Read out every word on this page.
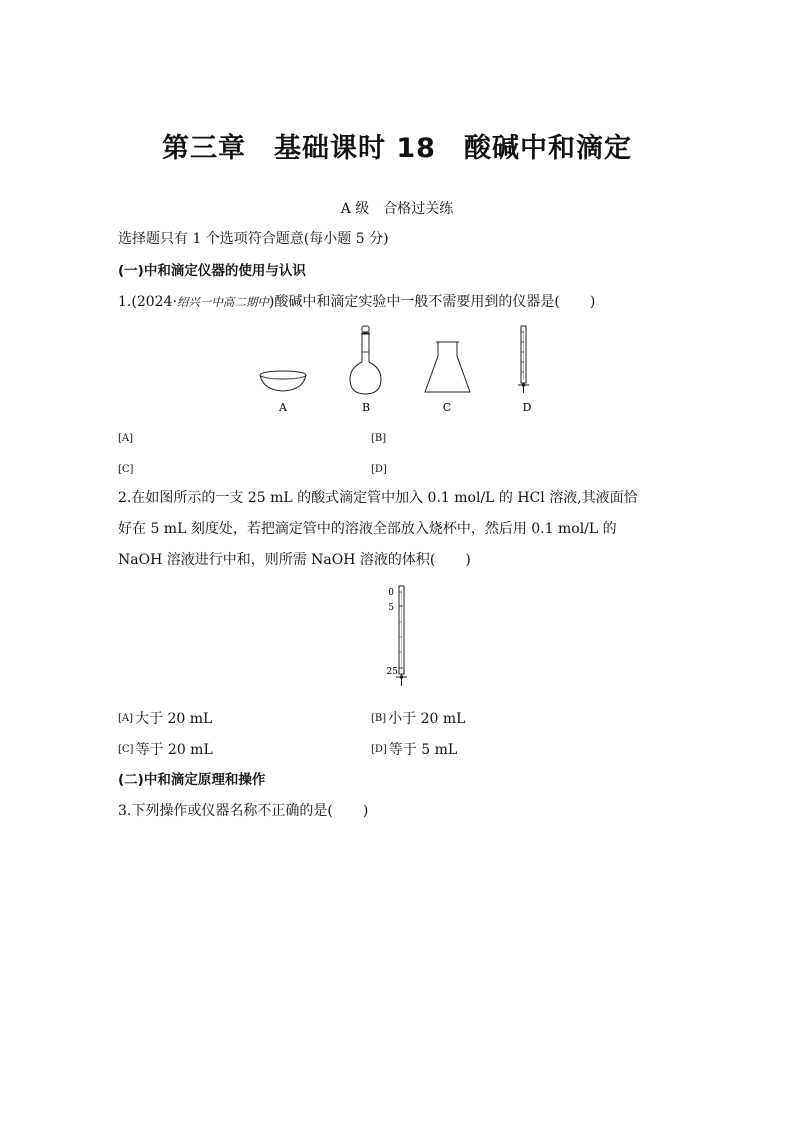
第三章　基础课时 18　酸碱中和滴定
A 级　合格过关练
选择题只有 1 个选项符合题意(每小题 5 分)
(一)中和滴定仪器的使用与认识
1.(2024·绍兴一中高二期中)酸碱中和滴定实验中一般不需要用到的仪器是( )
A	B	C	D
[A]	[B]
[C]	[D]
2.在如图所示的一支 25 mL 的酸式滴定管中加入 0.1 mol/L 的 HCl 溶液,其液面恰
好在 5 mL 刻度处，若把滴定管中的溶液全部放入烧杯中，然后用 0.1 mol/L 的
NaOH 溶液进行中和，则所需 NaOH 溶液的体积( )
0
5
25
[A] 大于 20 mL	[B] 小于 20 mL
[C] 等于 20 mL	[D] 等于 5 mL
(二)中和滴定原理和操作
3.下列操作或仪器名称不正确的是( )
